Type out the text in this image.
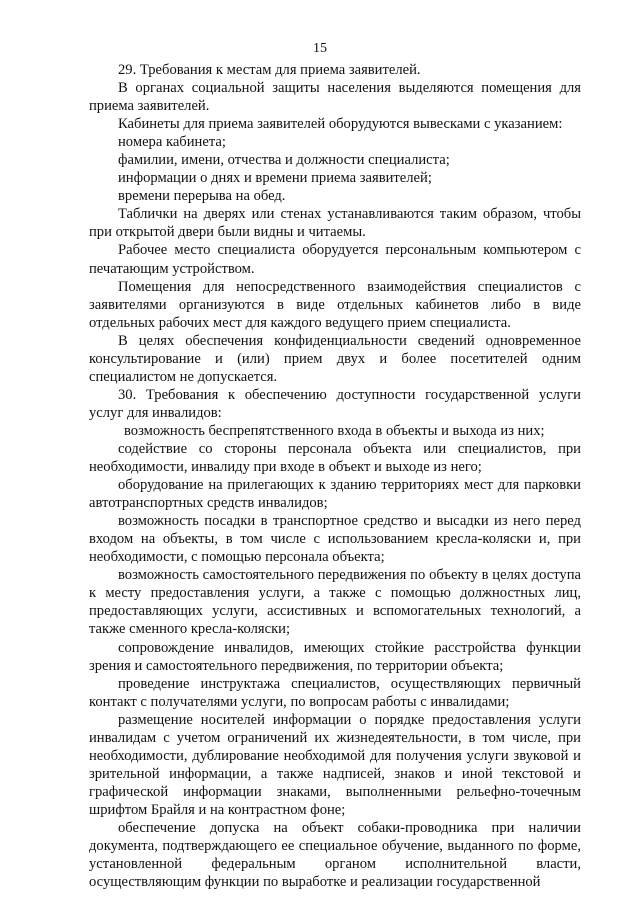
15

29. Требования к местам для приема заявителей.

В органах социальной защиты населения выделяются помещения для приема заявителей.

Кабинеты для приема заявителей оборудуются вывесками с указанием:

номера кабинета;

фамилии, имени, отчества и должности специалиста;

информации о днях и времени приема заявителей;

времени перерыва на обед.

Таблички на дверях или стенах устанавливаются таким образом, чтобы при открытой двери были видны и читаемы.

Рабочее место специалиста оборудуется персональным компьютером с печатающим устройством.

Помещения для непосредственного взаимодействия специалистов с заявителями организуются в виде отдельных кабинетов либо в виде отдельных рабочих мест для каждого ведущего прием специалиста.

В целях обеспечения конфиденциальности сведений одновременное консультирование и (или) прием двух и более посетителей одним специалистом не допускается.

30. Требования к обеспечению доступности государственной услуги услуг для инвалидов:

возможность беспрепятственного входа в объекты и выхода из них;

содействие со стороны персонала объекта или специалистов, при необходимости, инвалиду при входе в объект и выходе из него;

оборудование на прилегающих к зданию территориях мест для парковки автотранспортных средств инвалидов;

возможность посадки в транспортное средство и высадки из него перед входом на объекты, в том числе с использованием кресла-коляски и, при необходимости, с помощью персонала объекта;

возможность самостоятельного передвижения по объекту в целях доступа к месту предоставления услуги, а также с помощью должностных лиц, предоставляющих услуги, ассистивных и вспомогательных технологий, а также сменного кресла-коляски;

сопровождение инвалидов, имеющих стойкие расстройства функции зрения и самостоятельного передвижения, по территории объекта;

проведение инструктажа специалистов, осуществляющих первичный контакт с получателями услуги, по вопросам работы с инвалидами;

размещение носителей информации о порядке предоставления услуги инвалидам с учетом ограничений их жизнедеятельности, в том числе, при необходимости, дублирование необходимой для получения услуги звуковой и зрительной информации, а также надписей, знаков и иной текстовой и графической информации знаками, выполненными рельефно-точечным шрифтом Брайля и на контрастном фоне;

обеспечение допуска на объект собаки-проводника при наличии документа, подтверждающего ее специальное обучение, выданного по форме, установленной федеральным органом исполнительной власти, осуществляющим функции по выработке и реализации государственной
